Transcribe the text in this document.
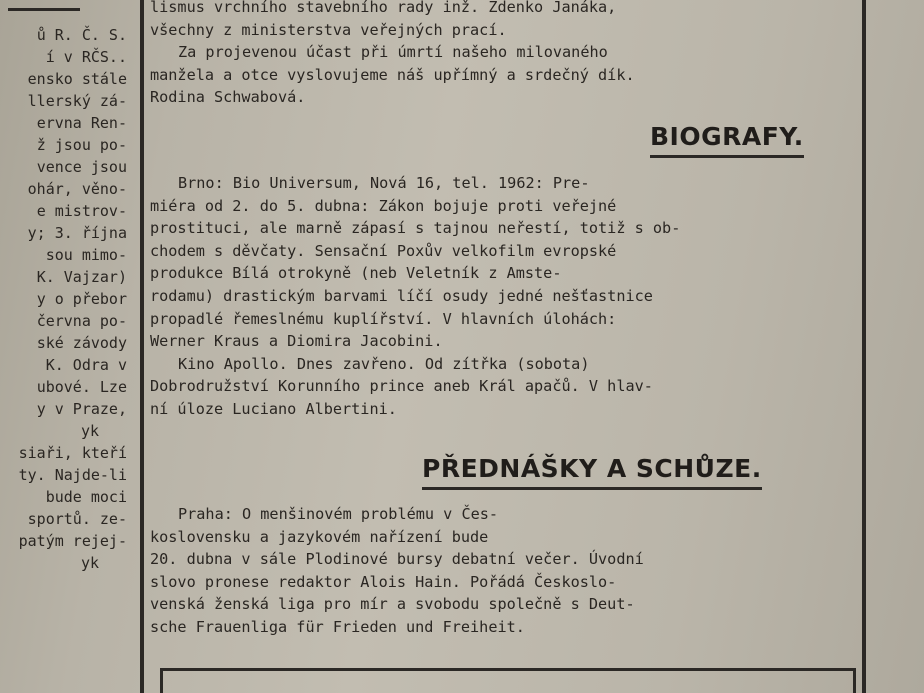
ů R. Č. S.
í v RČS..
ensko stále
llerský zá-
ervna Ren-
ž jsou po-
vence jsou
ohár, věno-
e mistrov-
y; 3. října
sou mimo-
K. Vajzar)
y o přebor
června po-
ské závody
K. Odra v
ubové. Lze
y v Praze,
yk
siaři, kteří
ty. Najde-li
bude moci
sportů. ze-
patým rejej-
yk
lismus vrchního stavebního rady inž. Zdenko Janáka,
všechny z ministerstva veřejných prací.
Za projevenou účast při úmrtí našeho milovaného
manžela a otce vyslovujeme náš upřímný a srdečný dík.
Rodina Schwabová.
BIOGRAFY.
Brno: Bio Universum, Nová 16, tel. 1962: Pre-
miéra od 2. do 5. dubna: Zákon bojuje proti veřejné
prostituci, ale marně zápasí s tajnou neřestí, totiž s ob-
chodem s děvčaty. Sensační Poxův velkofilm evropské
produkce Bílá otrokyně (neb Veletník z Amste-
rodamu) drastickým barvami líčí osudy jedné nešťastnice
propadlé řemeslnému kuplířství. V hlavních úlohách:
Werner Kraus a Diomira Jacobini.
Kino Apollo. Dnes zavřeno. Od zítřka (sobota)
Dobrodružství Korunního prince aneb Král apačů. V hlav-
ní úloze Luciano Albertini.
PŘEDNÁŠKY A SCHŮZE.
Praha: O menšinovém problému v Čes-
koslovensku a jazykovém nařízení bude
20. dubna v sále Plodinové bursy debatní večer. Úvodní
slovo pronese redaktor Alois Hain. Pořádá Českoslo-
venská ženská liga pro mír a svobodu společně s Deut-
sche Frauenliga für Frieden und Freiheit.
